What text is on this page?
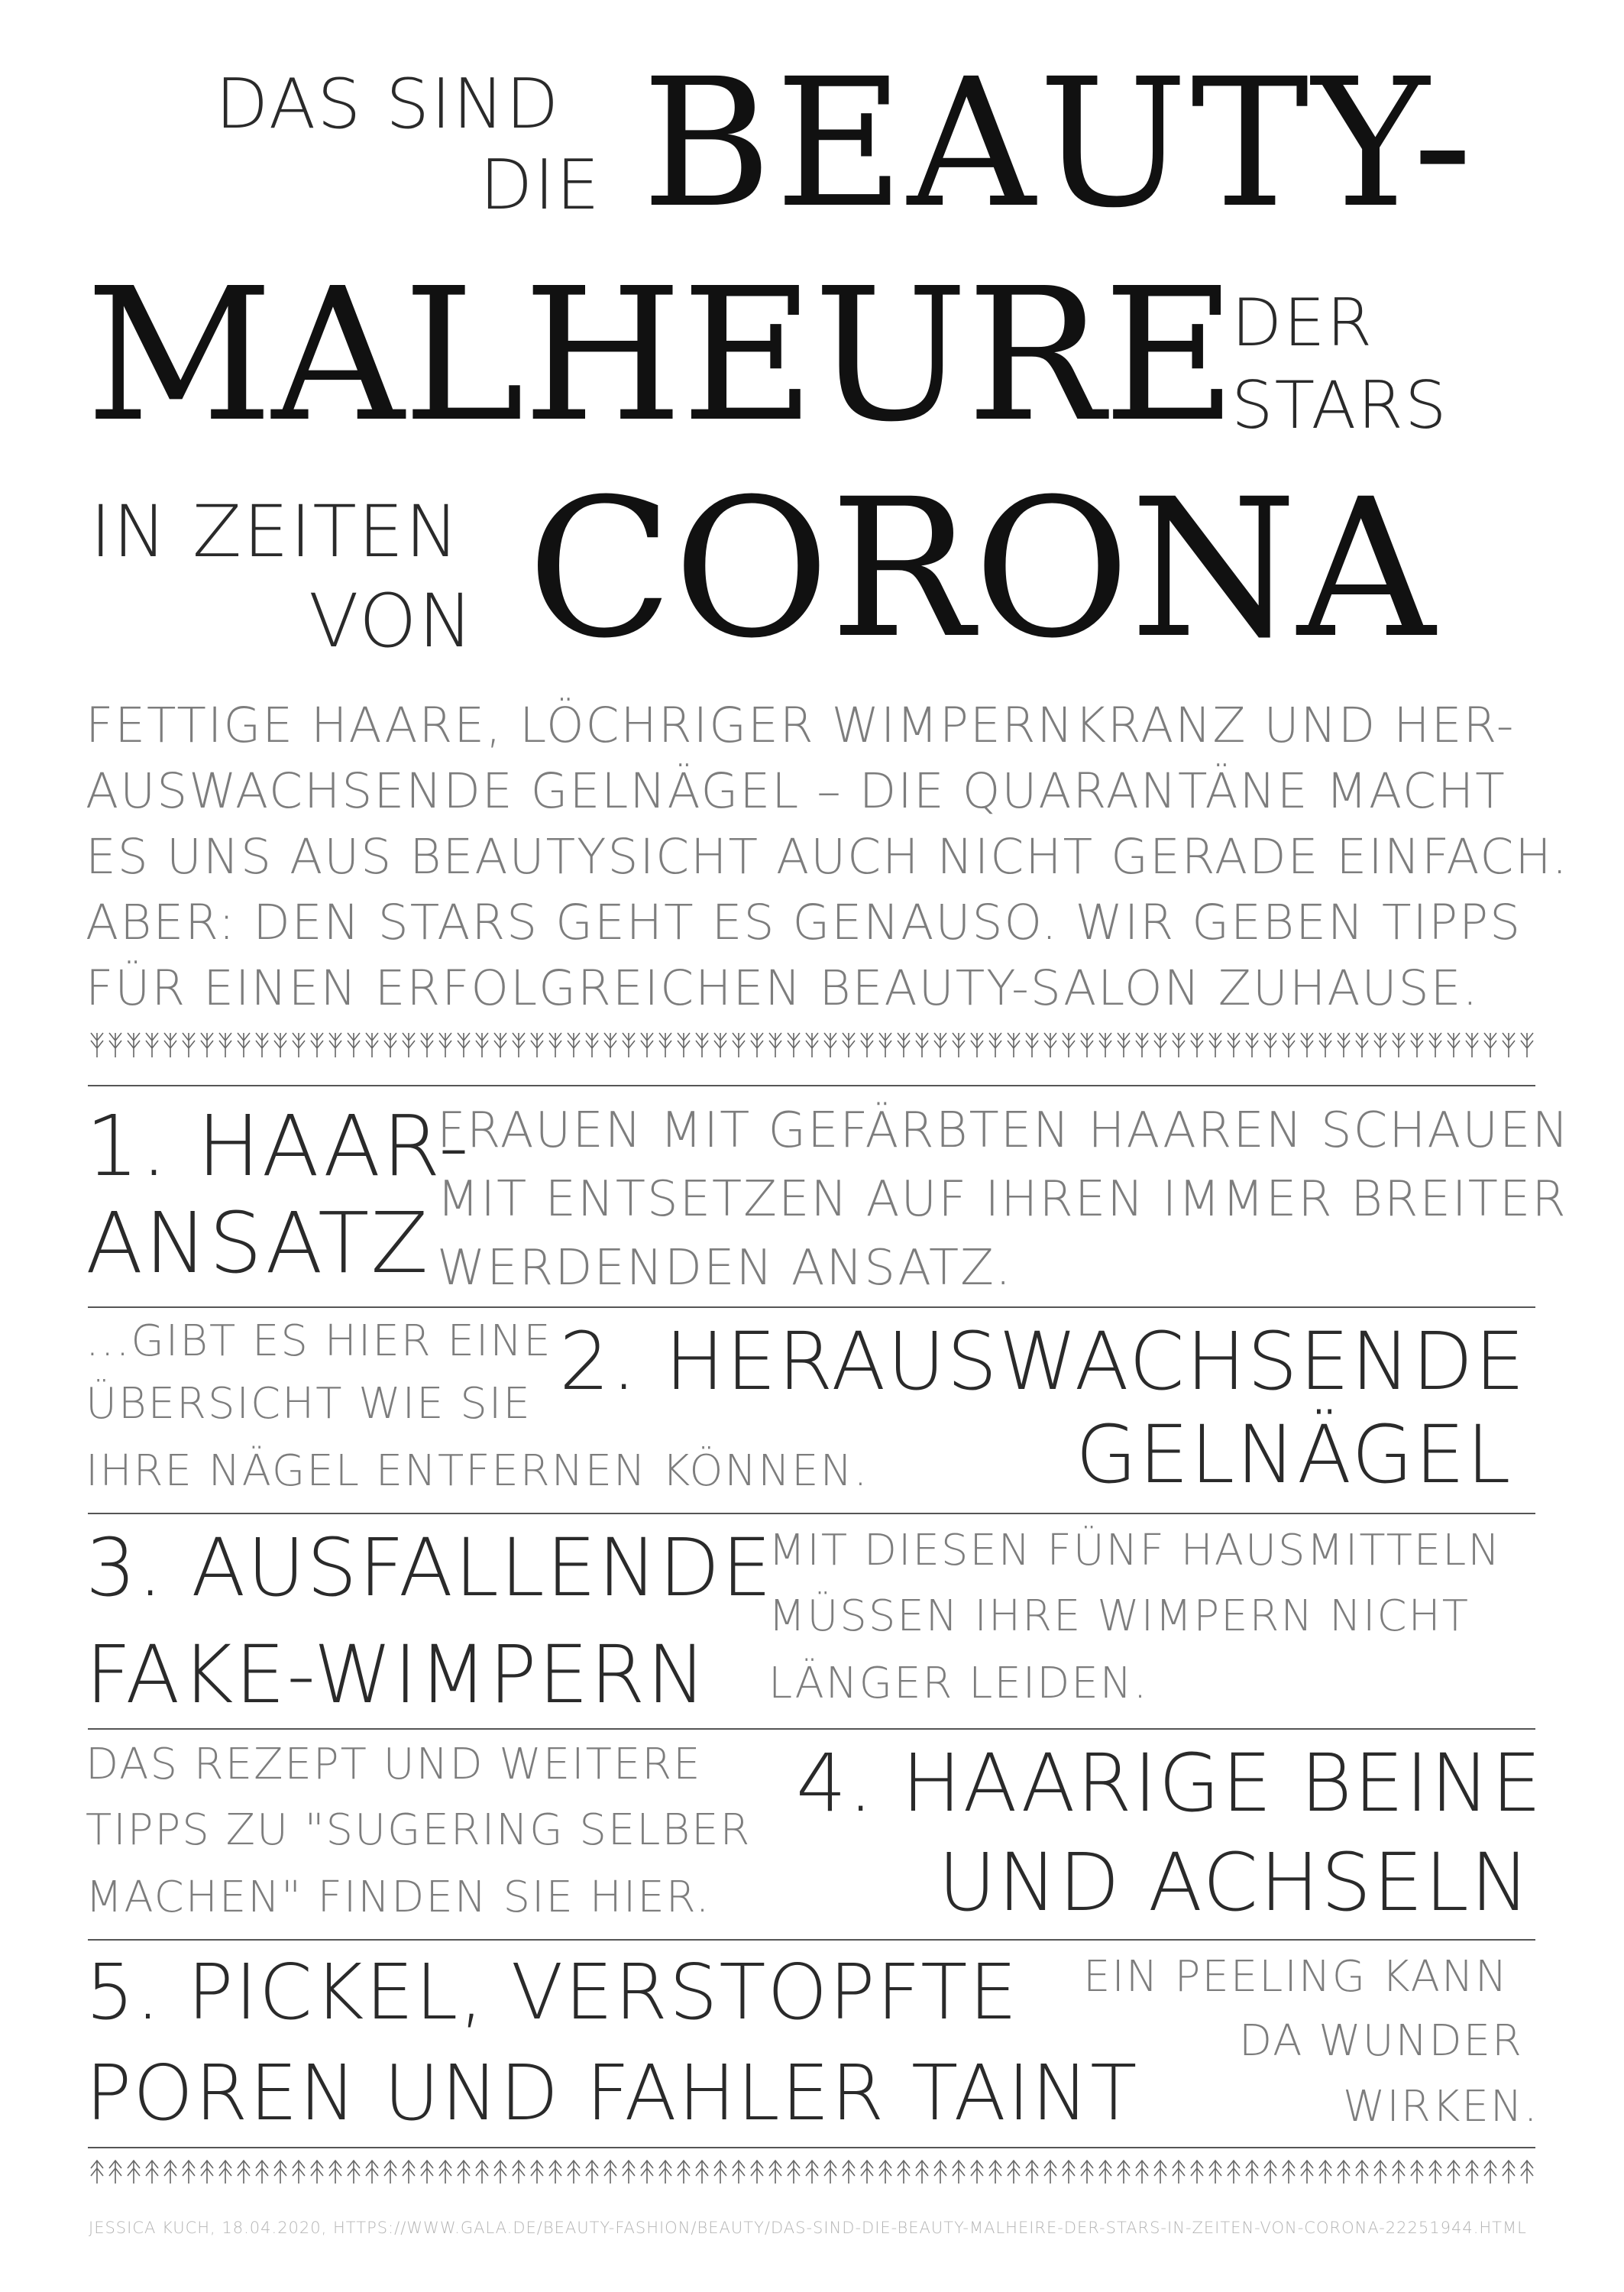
DAS SIND
DIE BEAUTY-
MALHEURE
DER
STARS
IN ZEITEN
VON CORONA
FETTIGE HAARE, LÖCHRIGER WIMPERNKRANZ UND HER-
AUSWACHSENDE GELNÄGEL – DIE QUARANTÄNE MACHT
ES UNS AUS BEAUTYSICHT AUCH NICHT GERADE EINFACH.
ABER: DEN STARS GEHT ES GENAUSO. WIR GEBEN TIPPS
FÜR EINEN ERFOLGREICHEN BEAUTY-SALON ZUHAUSE.
1. HAAR-
ANSATZ
FRAUEN MIT GEFÄRBTEN HAAREN SCHAUEN
MIT ENTSETZEN AUF IHREN IMMER BREITER
WERDENDEN ANSATZ.
...GIBT ES HIER EINE
ÜBERSICHT WIE SIE
IHRE NÄGEL ENTFERNEN KÖNNEN.
2. HERAUSWACHSENDE
GELNÄGEL
3. AUSFALLENDE
FAKE-WIMPERN
MIT DIESEN FÜNF HAUSMITTELN
MÜSSEN IHRE WIMPERN NICHT
LÄNGER LEIDEN.
DAS REZEPT UND WEITERE
TIPPS ZU "SUGERING SELBER
MACHEN" FINDEN SIE HIER.
4. HAARIGE BEINE
UND ACHSELN
5. PICKEL, VERSTOPFTE
POREN UND FAHLER TAINT
EIN PEELING KANN
DA WUNDER
WIRKEN.
JESSICA KUCH, 18.04.2020, HTTPS://WWW.GALA.DE/BEAUTY-FASHION/BEAUTY/DAS-SIND-DIE-BEAUTY-MALHEIRE-DER-STARS-IN-ZEITEN-VON-CORONA-22251944.HTML
